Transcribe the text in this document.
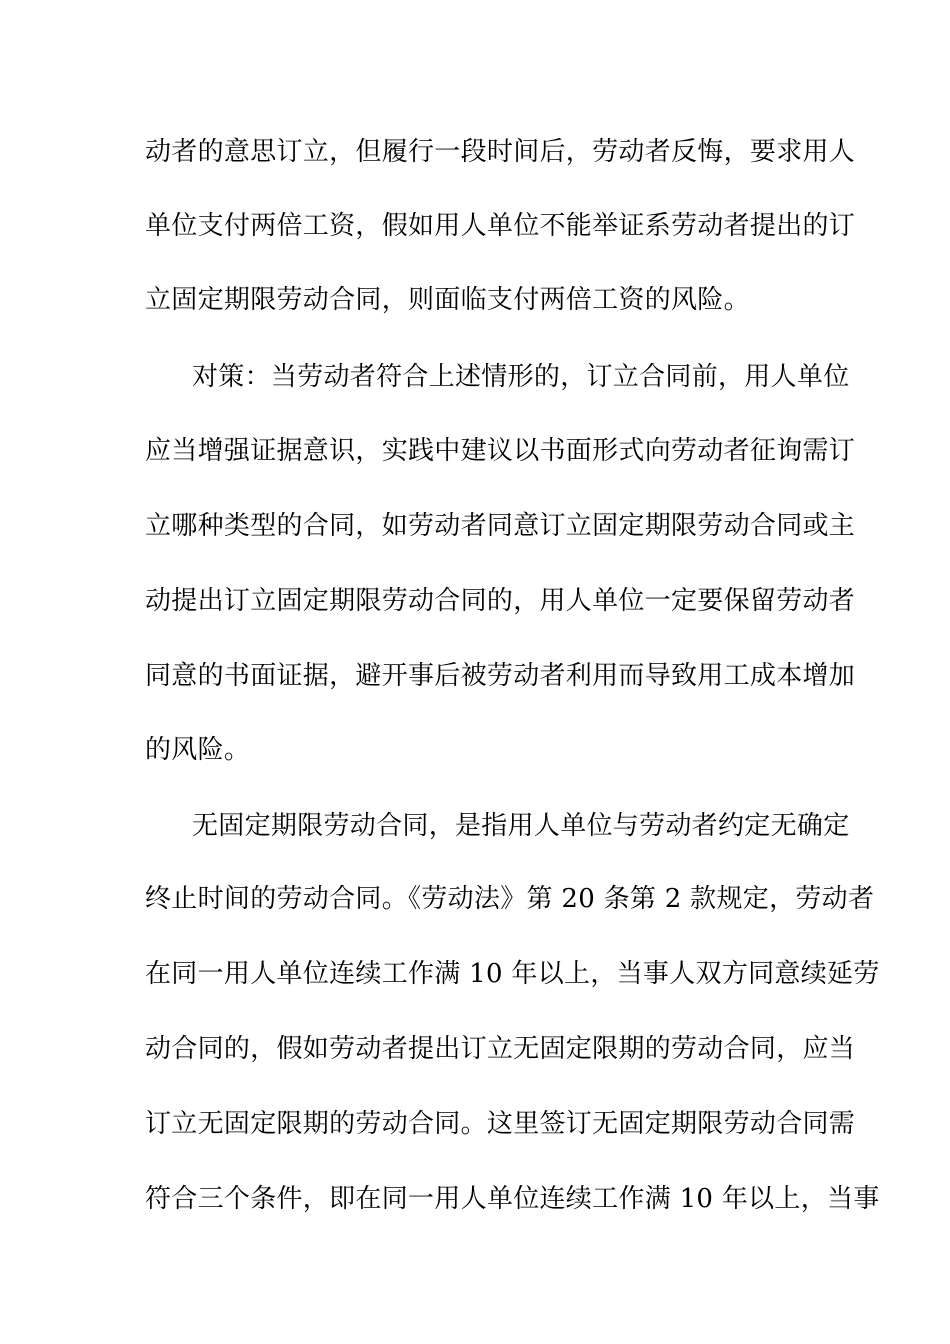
动者的意思订立，但履行一段时间后，劳动者反悔，要求用人
单位支付两倍工资，假如用人单位不能举证系劳动者提出的订
立固定期限劳动合同，则面临支付两倍工资的风险。
对策：当劳动者符合上述情形的，订立合同前，用人单位
应当增强证据意识，实践中建议以书面形式向劳动者征询需订
立哪种类型的合同，如劳动者同意订立固定期限劳动合同或主
动提出订立固定期限劳动合同的，用人单位一定要保留劳动者
同意的书面证据，避开事后被劳动者利用而导致用工成本增加
的风险。
无固定期限劳动合同，是指用人单位与劳动者约定无确定
终止时间的劳动合同。《劳动法》第 20 条第 2 款规定，劳动者
在同一用人单位连续工作满 10 年以上，当事人双方同意续延劳
动合同的，假如劳动者提出订立无固定限期的劳动合同，应当
订立无固定限期的劳动合同。这里签订无固定期限劳动合同需
符合三个条件，即在同一用人单位连续工作满 10 年以上，当事
